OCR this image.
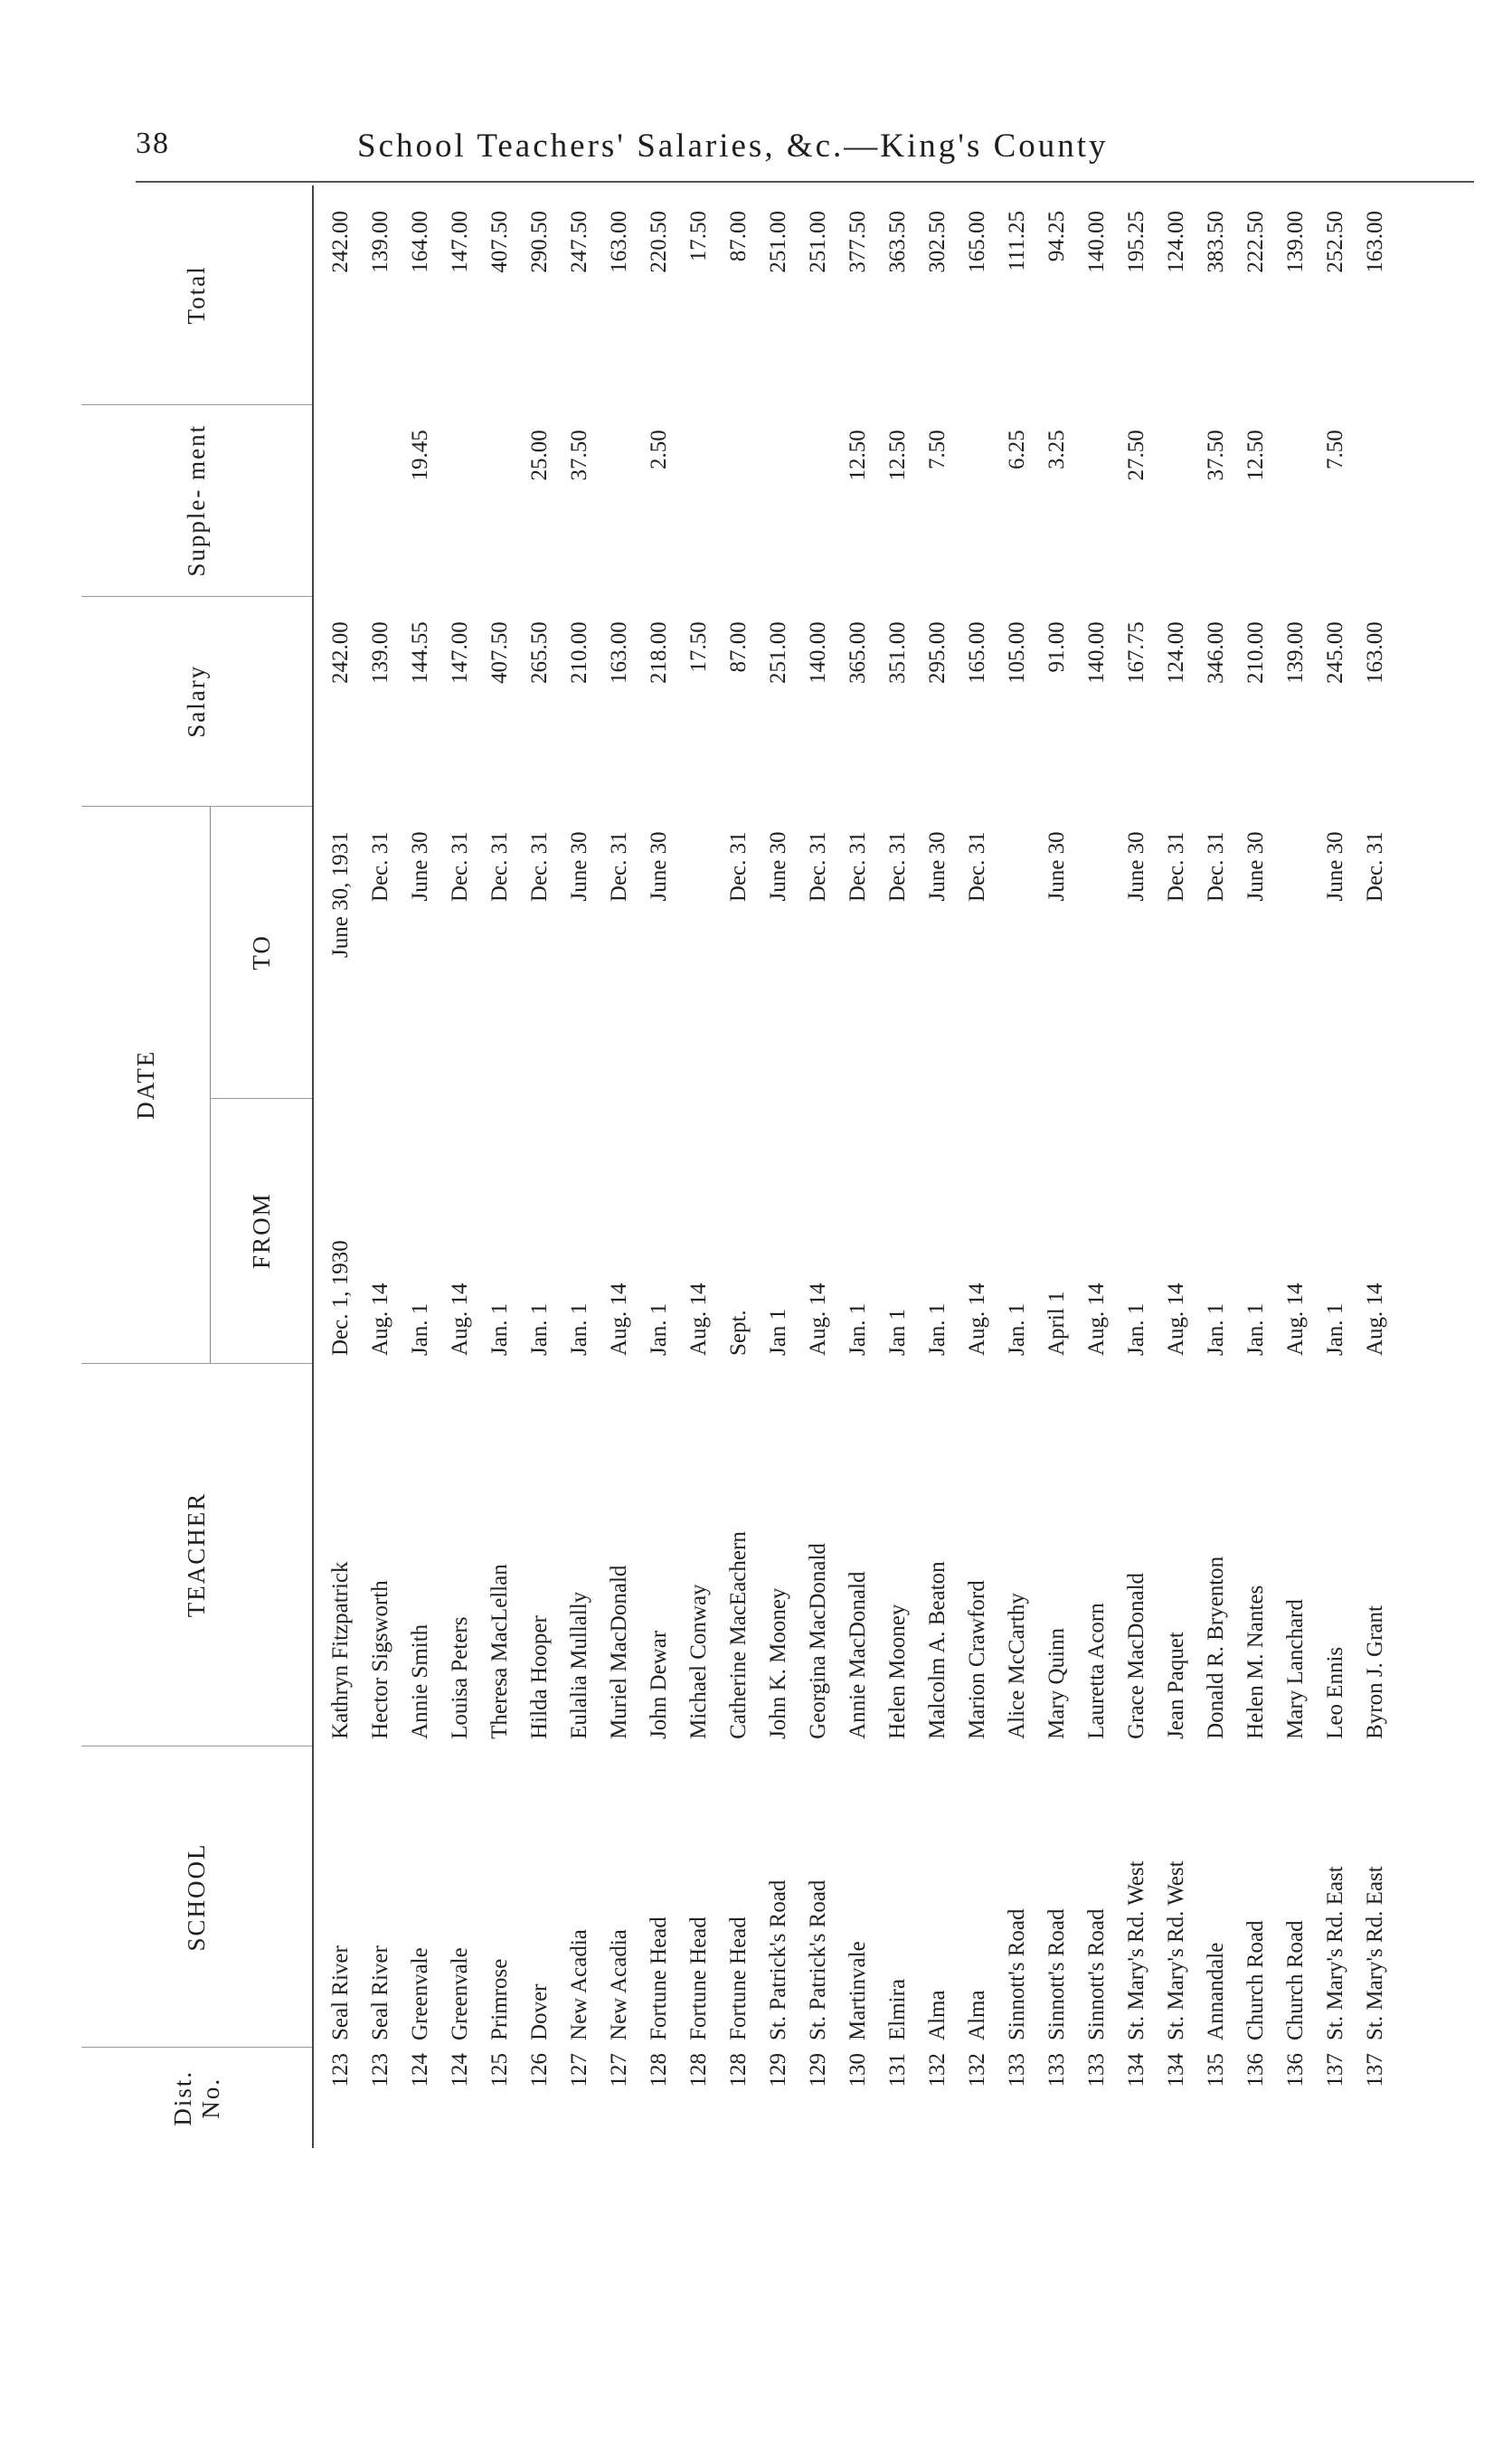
38	School Teachers' Salaries, &c.—King's County
Dist. No.	SCHOOL	TEACHER	DATE		Salary	Supple- ment	Total
			FROM	TO			
123	Seal River	Kathryn Fitzpatrick	Dec. 1, 1930	June 30, 1931	242.00		242.00
123	Seal River	Hector Sigsworth	Aug. 14	Dec. 31	139.00		139.00
124	Greenvale	Annie Smith	Jan. 1	June 30	144.55	19.45	164.00
124	Greenvale	Louisa Peters	Aug. 14	Dec. 31	147.00		147.00
125	Primrose	Theresa MacLellan	Jan. 1	Dec. 31	407.50		407.50
126	Dover	Hilda Hooper	Jan. 1	Dec. 31	265.50	25.00	290.50
127	New Acadia	Eulalia Mullally	Jan. 1	June 30	210.00	37.50	247.50
127	New Acadia	Muriel MacDonald	Aug. 14	Dec. 31	163.00		163.00
128	Fortune Head	John Dewar	Jan. 1	June 30	218.00	2.50	220.50
128	Fortune Head	Michael Conway	Aug. 14		17.50		17.50
128	Fortune Head	Catherine MacEachern	Sept.	Dec. 31	87.00		87.00
129	St. Patrick's Road	John K. Mooney	Jan 1	June 30	251.00		251.00
129	St. Patrick's Road	Georgina MacDonald	Aug. 14	Dec. 31	140.00		251.00
130	Martinvale	Annie MacDonald	Jan. 1	Dec. 31	365.00	12.50	377.50
131	Elmira	Helen Mooney	Jan 1	Dec. 31	351.00	12.50	363.50
132	Alma	Malcolm A. Beaton	Jan. 1	June 30	295.00	7.50	302.50
132	Alma	Marion Crawford	Aug. 14	Dec. 31	165.00		165.00
133	Sinnott's Road	Alice McCarthy	Jan. 1		105.00	6.25	111.25
133	Sinnott's Road	Mary Quinn	April 1	June 30	91.00	3.25	94.25
133	Sinnott's Road	Lauretta Acorn	Aug. 14		140.00		140.00
134	St. Mary's Rd. West	Grace MacDonald	Jan. 1	June 30	167.75	27.50	195.25
134	St. Mary's Rd. West	Jean Paquet	Aug. 14	Dec. 31	124.00		124.00
135	Annandale	Donald R. Bryenton	Jan. 1	Dec. 31	346.00	37.50	383.50
136	Church Road	Helen M. Nantes	Jan. 1	June 30	210.00	12.50	222.50
136	Church Road	Mary Lanchard	Aug. 14		139.00		139.00
137	St. Mary's Rd. East	Leo Ennis	Jan. 1	June 30	245.00	7.50	252.50
137	St. Mary's Rd. East	Byron J. Grant	Aug. 14	Dec. 31	163.00		163.00
